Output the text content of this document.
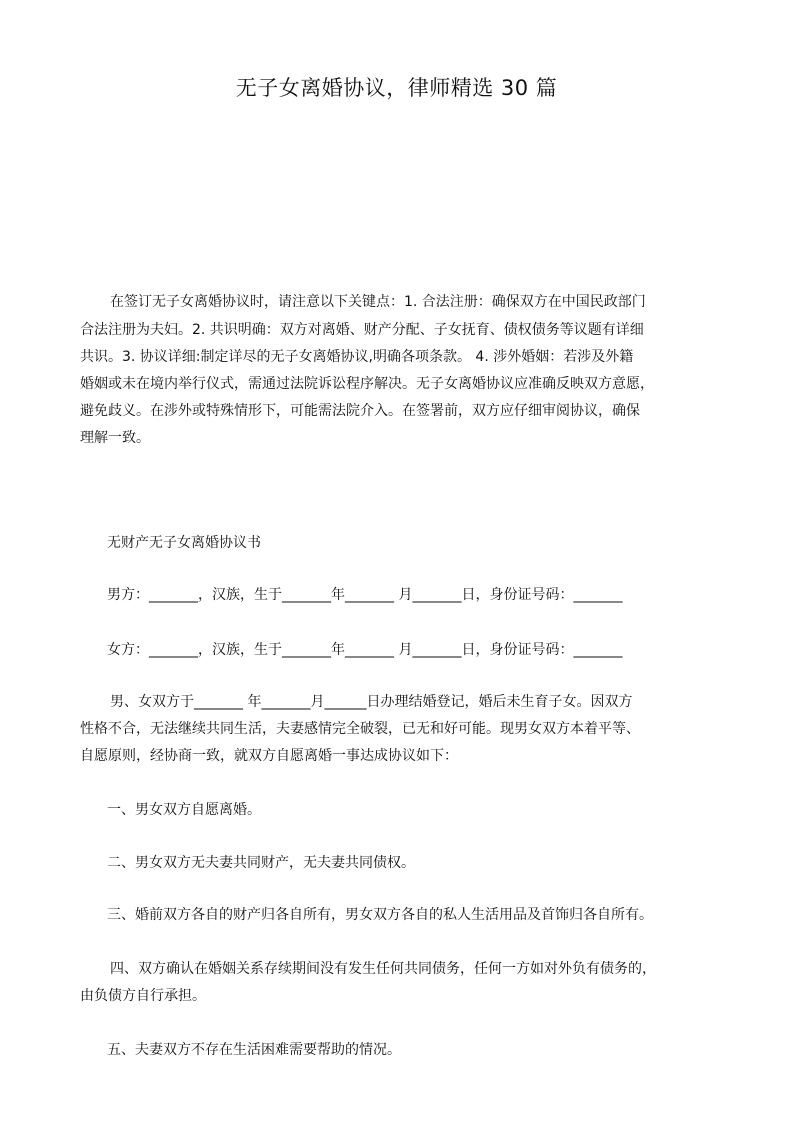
无子女离婚协议，律师精选 30 篇
在签订无子女离婚协议时，请注意以下关键点：1. 合法注册：确保双方在中国民政部门
合法注册为夫妇。2. 共识明确：双方对离婚、财产分配、子女抚育、债权债务等议题有详细
共识。3. 协议详细:制定详尽的无子女离婚协议,明确各项条款。 4. 涉外婚姻：若涉及外籍
婚姻或未在境内举行仪式，需通过法院诉讼程序解决。无子女离婚协议应准确反映双方意愿，
避免歧义。在涉外或特殊情形下，可能需法院介入。在签署前，双方应仔细审阅协议，确保
理解一致。
无财产无子女离婚协议书
男方：_______，汉族，生于_______年_______ 月_______日，身份证号码：_______
女方：_______，汉族，生于_______年_______ 月_______日，身份证号码：_______
男、女双方于_______ 年_______月______日办理结婚登记，婚后未生育子女。因双方
性格不合，无法继续共同生活，夫妻感情完全破裂，已无和好可能。现男女双方本着平等、
自愿原则，经协商一致，就双方自愿离婚一事达成协议如下：
一、男女双方自愿离婚。
二、男女双方无夫妻共同财产，无夫妻共同债权。
三、婚前双方各自的财产归各自所有，男女双方各自的私人生活用品及首饰归各自所有。
四、双方确认在婚姻关系存续期间没有发生任何共同债务，任何一方如对外负有债务的，
由负债方自行承担。
五、夫妻双方不存在生活困难需要帮助的情况。
